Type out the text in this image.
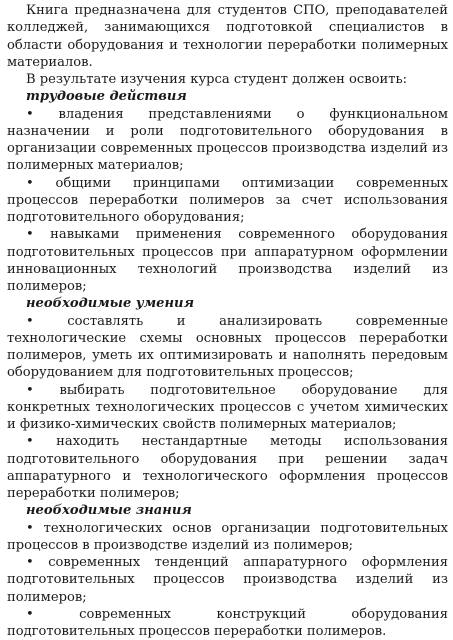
Книга предназначена для студентов СПО, преподавателей колледжей, занимающихся подготовкой специалистов в области оборудования и технологии переработки полимерных материалов.

В результате изучения курса студент должен освоить:

трудовые действия

• владения представлениями о функциональном назначении и роли подготовительного оборудования в организации современных процессов производства изделий из полимерных материалов;

• общими принципами оптимизации современных процессов переработки полимеров за счет использования подготовительного оборудования;

• навыками применения современного оборудования подготовительных процессов при аппаратурном оформлении инновационных технологий производства изделий из полимеров;

необходимые умения

• составлять и анализировать современные технологические схемы основных процессов переработки полимеров, уметь их оптимизировать и наполнять передовым оборудованием для подготовительных процессов;

• выбирать подготовительное оборудование для конкретных технологических процессов с учетом химических и физико-химических свойств полимерных материалов;

• находить нестандартные методы использования подготовительного оборудования при решении задач аппаратурного и технологического оформления процессов переработки полимеров;

необходимые знания

• технологических основ организации подготовительных процессов в производстве изделий из полимеров;

• современных тенденций аппаратурного оформления подготовительных процессов производства изделий из полимеров;

• современных конструкций оборудования подготовительных процессов переработки полимеров.
